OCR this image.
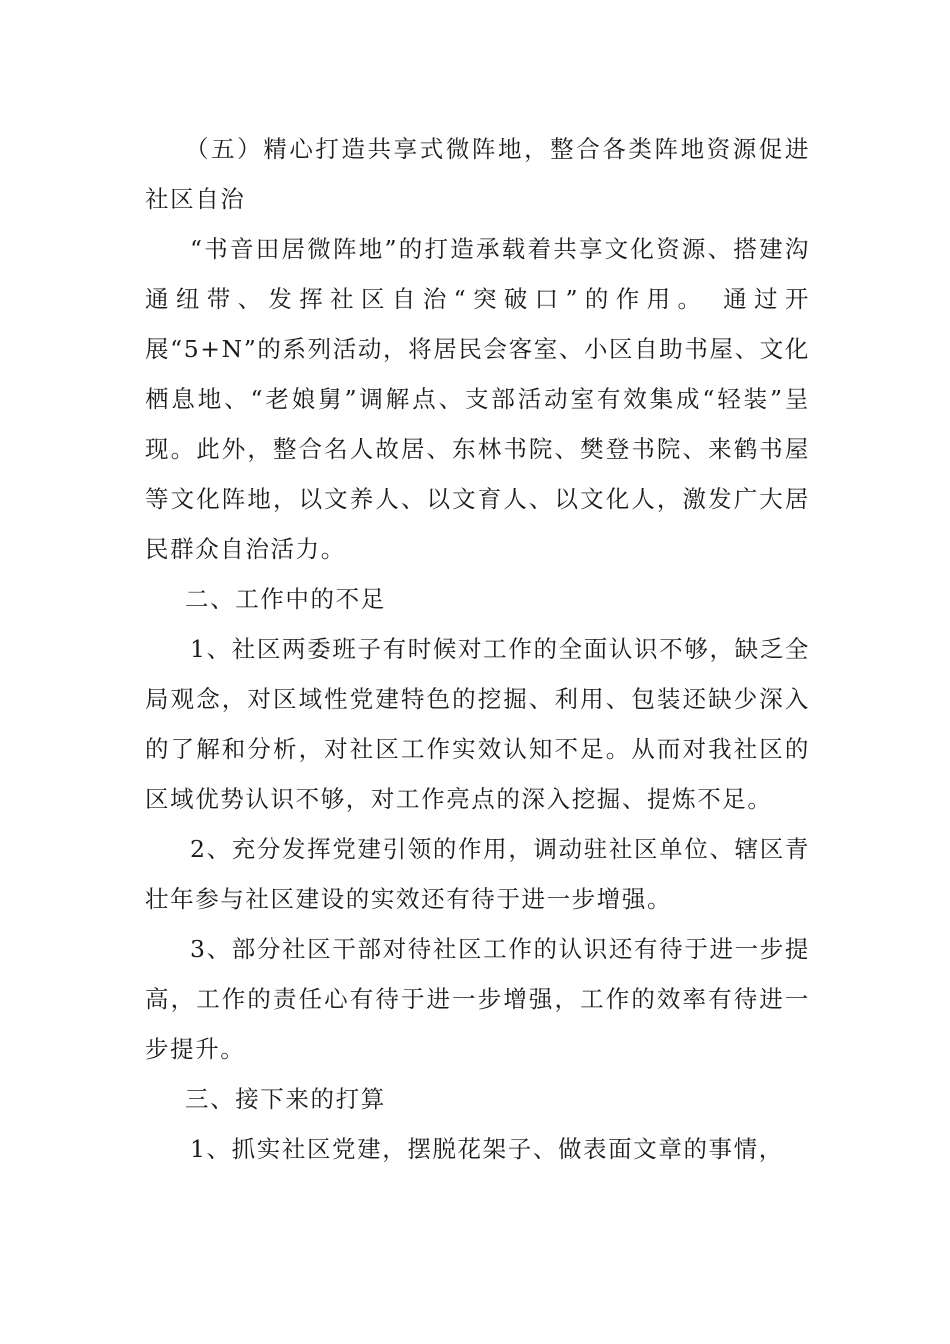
（五）精心打造共享式微阵地，整合各类阵地资源促进社区自治

“书音田居微阵地”的打造承载着共享文化资源、搭建沟通纽带、发挥社区自治“突破口”的作用。 通过开展“5+N”的系列活动，将居民会客室、小区自助书屋、文化栖息地、“老娘舅”调解点、支部活动室有效集成“轻装”呈现。此外，整合名人故居、东林书院、樊登书院、来鹤书屋等文化阵地，以文养人、以文育人、以文化人，激发广大居民群众自治活力。

二、工作中的不足

1、社区两委班子有时候对工作的全面认识不够，缺乏全局观念，对区域性党建特色的挖掘、利用、包装还缺少深入的了解和分析，对社区工作实效认知不足。从而对我社区的区域优势认识不够，对工作亮点的深入挖掘、提炼不足。

2、充分发挥党建引领的作用，调动驻社区单位、辖区青壮年参与社区建设的实效还有待于进一步增强。

3、部分社区干部对待社区工作的认识还有待于进一步提高，工作的责任心有待于进一步增强，工作的效率有待进一步提升。

三、接下来的打算

1、抓实社区党建，摆脱花架子、做表面文章的事情，
